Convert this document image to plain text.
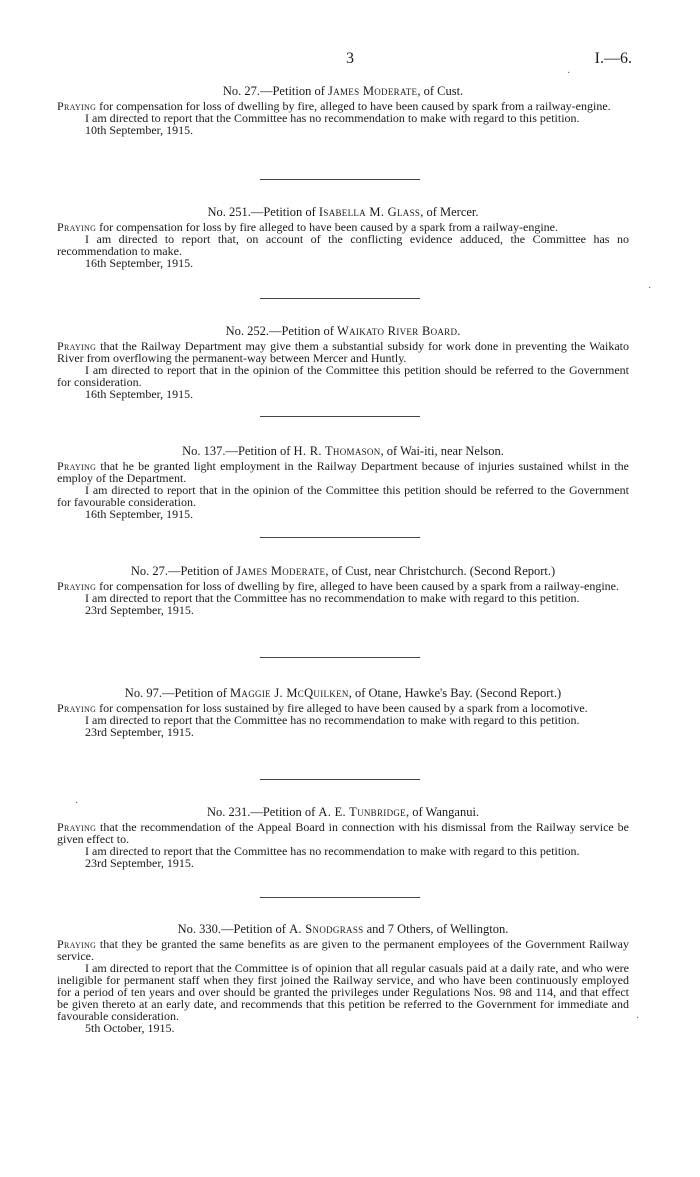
3	I.—6.
No. 27.—Petition of James Moderate, of Cust.

Praying for compensation for loss of dwelling by fire, alleged to have been caused by spark from a railway-engine.

I am directed to report that the Committee has no recommendation to make with regard to this petition.

10th September, 1915.
No. 251.—Petition of Isabella M. Glass, of Mercer.

Praying for compensation for loss by fire alleged to have been caused by a spark from a railway-engine.

I am directed to report that, on account of the conflicting evidence adduced, the Committee has no recommendation to make.

16th September, 1915.
No. 252.—Petition of Waikato River Board.

Praying that the Railway Department may give them a substantial subsidy for work done in preventing the Waikato River from overflowing the permanent-way between Mercer and Huntly.

I am directed to report that in the opinion of the Committee this petition should be referred to the Government for consideration.

16th September, 1915.
No. 137.—Petition of H. R. Thomason, of Wai-iti, near Nelson.

Praying that he be granted light employment in the Railway Department because of injuries sustained whilst in the employ of the Department.

I am directed to report that in the opinion of the Committee this petition should be referred to the Government for favourable consideration.

16th September, 1915.
No. 27.—Petition of James Moderate, of Cust, near Christchurch. (Second Report.)

Praying for compensation for loss of dwelling by fire, alleged to have been caused by a spark from a railway-engine.

I am directed to report that the Committee has no recommendation to make with regard to this petition.

23rd September, 1915.
No. 97.—Petition of Maggie J. McQuilken, of Otane, Hawke's Bay. (Second Report.)

Praying for compensation for loss sustained by fire alleged to have been caused by a spark from a locomotive.

I am directed to report that the Committee has no recommendation to make with regard to this petition.

23rd September, 1915.
No. 231.—Petition of A. E. Tunbridge, of Wanganui.

Praying that the recommendation of the Appeal Board in connection with his dismissal from the Railway service be given effect to.

I am directed to report that the Committee has no recommendation to make with regard to this petition.

23rd September, 1915.
No. 330.—Petition of A. Snodgrass and 7 Others, of Wellington.

Praying that they be granted the same benefits as are given to the permanent employees of the Government Railway service.

I am directed to report that the Committee is of opinion that all regular casuals paid at a daily rate, and who were ineligible for permanent staff when they first joined the Railway service, and who have been continuously employed for a period of ten years and over should be granted the privileges under Regulations Nos. 98 and 114, and that effect be given thereto at an early date, and recommends that this petition be referred to the Government for immediate and favourable consideration.

5th October, 1915.
·
·
·
·
